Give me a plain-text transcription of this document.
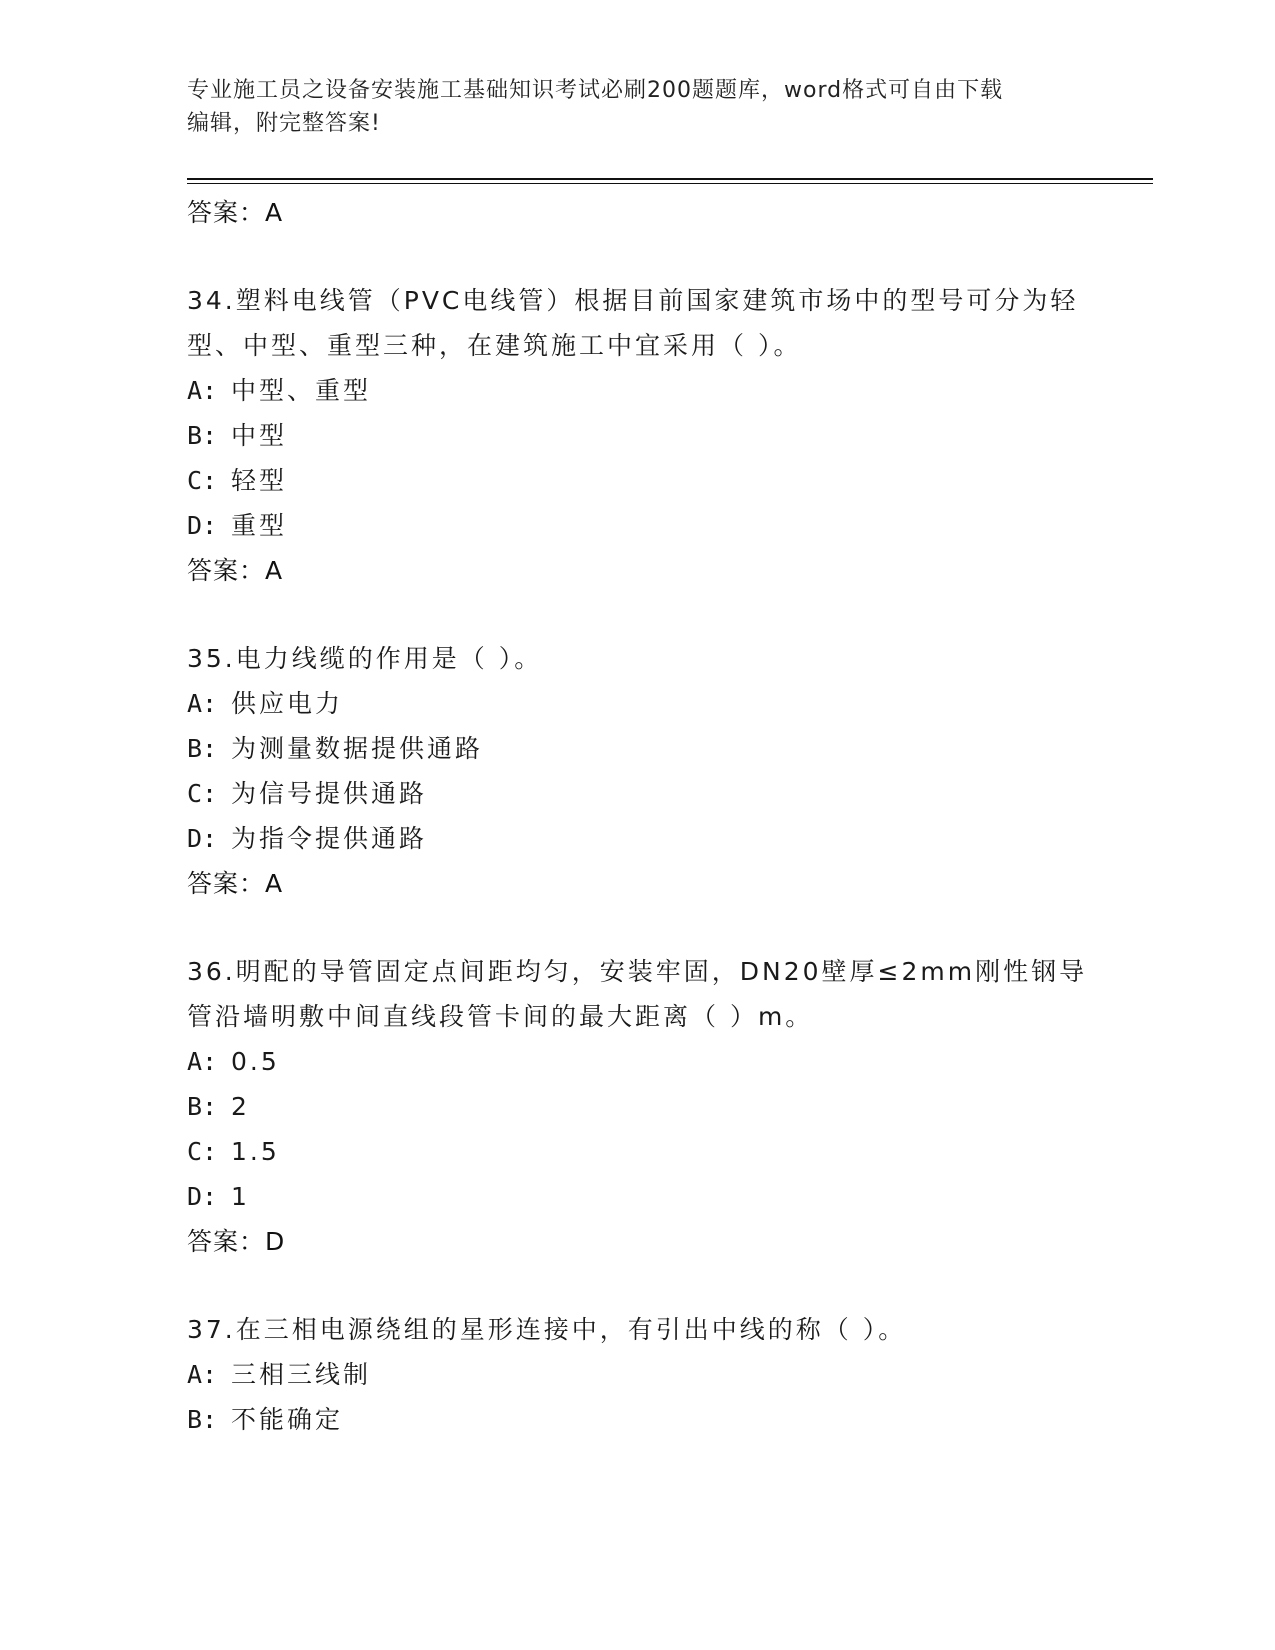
专业施工员之设备安装施工基础知识考试必刷200题题库，word格式可自由下载
编辑，附完整答案!
答案：A
34.塑料电线管（PVC电线管）根据目前国家建筑市场中的型号可分为轻型、中型、重型三种，在建筑施工中宜采用（ ）。
A: 中型、重型
B: 中型
C: 轻型
D: 重型
答案：A
35.电力线缆的作用是（ ）。
A: 供应电力
B: 为测量数据提供通路
C: 为信号提供通路
D: 为指令提供通路
答案：A
36.明配的导管固定点间距均匀，安装牢固，DN20壁厚≤2mm刚性钢导管沿墙明敷中间直线段管卡间的最大距离（ ）m。
A: 0.5
B: 2
C: 1.5
D: 1
答案：D
37.在三相电源绕组的星形连接中，有引出中线的称（ ）。
A: 三相三线制
B: 不能确定
